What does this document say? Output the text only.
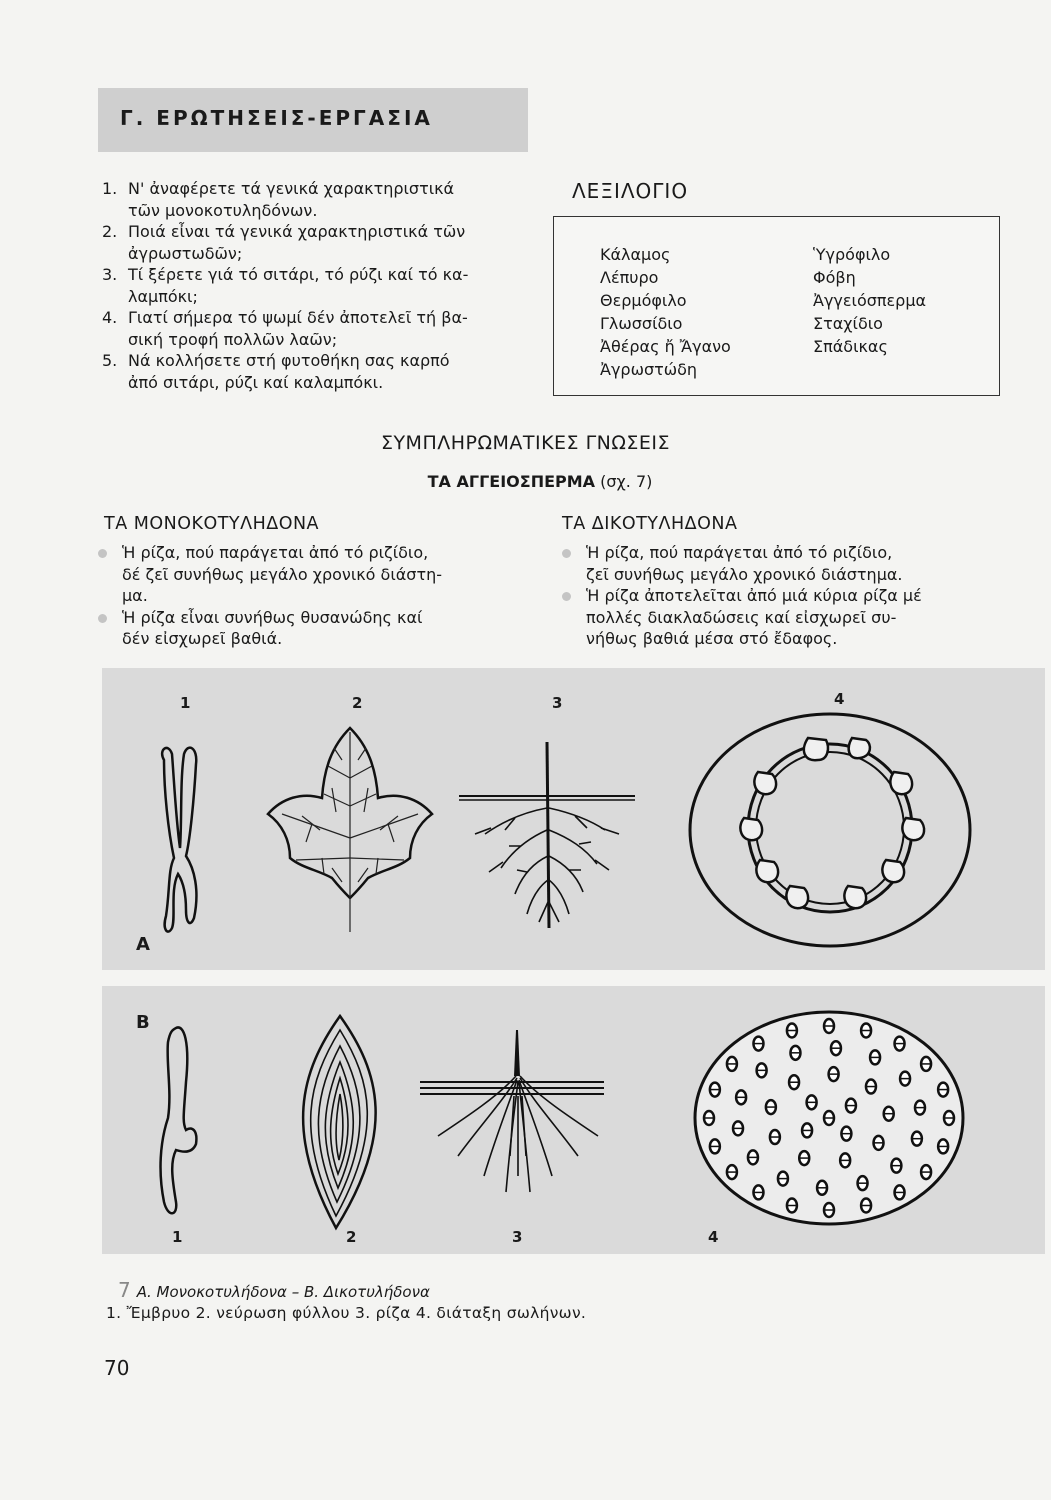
Γ. ΕΡΩΤΗΣΕΙΣ-ΕΡΓΑΣΙΑ
1. Ν' ἀναφέρετε τά γενικά χαρακτηριστικά
τῶν μονοκοτυληδόνων.
2. Ποιά εἶναι τά γενικά χαρακτηριστικά τῶν
ἀγρωστωδῶν;
3. Τί ξέρετε γιά τό σιτάρι, τό ρύζι καί τό κα-
λαμπόκι;
4. Γιατί σήμερα τό ψωμί δέν ἀποτελεῖ τή βα-
σική τροφή πολλῶν λαῶν;
5. Νά κολλήσετε στή φυτοθήκη σας καρπό
ἀπό σιτάρι, ρύζι καί καλαμπόκι.
ΛΕΞΙΛΟΓΙΟ
Κάλαμος
Λέπυρο
Θερμόφιλο
Γλωσσίδιο
Ἀθέρας ἤ Ἄγανο
Ἀγρωστώδη
Ὑγρόφιλο
Φόβη
Ἀγγειόσπερμα
Σταχίδιο
Σπάδικας
ΣΥΜΠΛΗΡΩΜΑΤΙΚΕΣ ΓΝΩΣΕΙΣ
ΤΑ ΑΓΓΕΙΟΣΠΕΡΜΑ (σχ. 7)
ΤΑ ΜΟΝΟΚΟΤΥΛΗΔΟΝΑ
Ἡ ρίζα, πού παράγεται ἀπό τό ριζίδιο,
δέ ζεῖ συνήθως μεγάλο χρονικό διάστη-
μα.
Ἡ ρίζα εἶναι συνήθως θυσανώδης καί
δέν εἰσχωρεῖ βαθιά.
ΤΑ ΔΙΚΟΤΥΛΗΔΟΝΑ
Ἡ ρίζα, πού παράγεται ἀπό τό ριζίδιο,
ζεῖ συνήθως μεγάλο χρονικό διάστημα.
Ἡ ρίζα ἀποτελεῖται ἀπό μιά κύρια ρίζα μέ
πολλές διακλαδώσεις καί εἰσχωρεῖ συ-
νήθως βαθιά μέσα στό ἔδαφος.
1	2	3	4
A
B
1	2	3	4
7 Α. Μονοκοτυλήδονα – Β. Δικοτυλήδονα
1. Ἔμβρυο 2. νεύρωση φύλλου 3. ρίζα 4. διάταξη σωλήνων.
70
